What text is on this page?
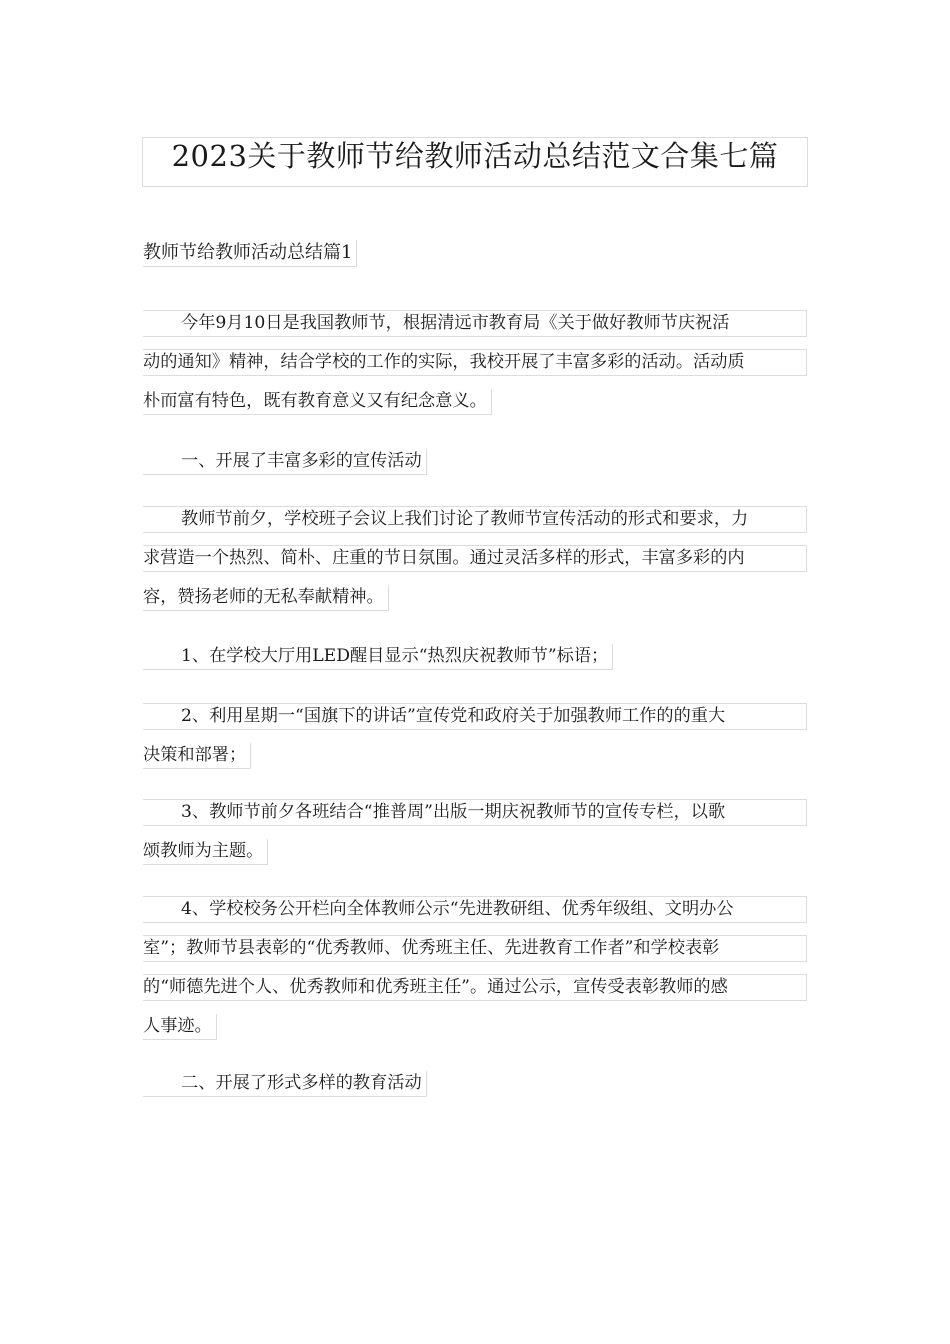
2023关于教师节给教师活动总结范文合集七篇
教师节给教师活动总结篇1
今年9月10日是我国教师节，根据清远市教育局《关于做好教师节庆祝活
动的通知》精神，结合学校的工作的实际，我校开展了丰富多彩的活动。活动质
朴而富有特色，既有教育意义又有纪念意义。
一、开展了丰富多彩的宣传活动
教师节前夕，学校班子会议上我们讨论了教师节宣传活动的形式和要求，力
求营造一个热烈、简朴、庄重的节日氛围。通过灵活多样的形式，丰富多彩的内
容，赞扬老师的无私奉献精神。
1、在学校大厅用LED醒目显示“热烈庆祝教师节”标语；
2、利用星期一“国旗下的讲话”宣传党和政府关于加强教师工作的的重大
决策和部署；
3、教师节前夕各班结合“推普周”出版一期庆祝教师节的宣传专栏，以歌
颂教师为主题。
4、学校校务公开栏向全体教师公示“先进教研组、优秀年级组、文明办公
室”；教师节县表彰的“优秀教师、优秀班主任、先进教育工作者”和学校表彰
的“师德先进个人、优秀教师和优秀班主任”。通过公示，宣传受表彰教师的感
人事迹。
二、开展了形式多样的教育活动
